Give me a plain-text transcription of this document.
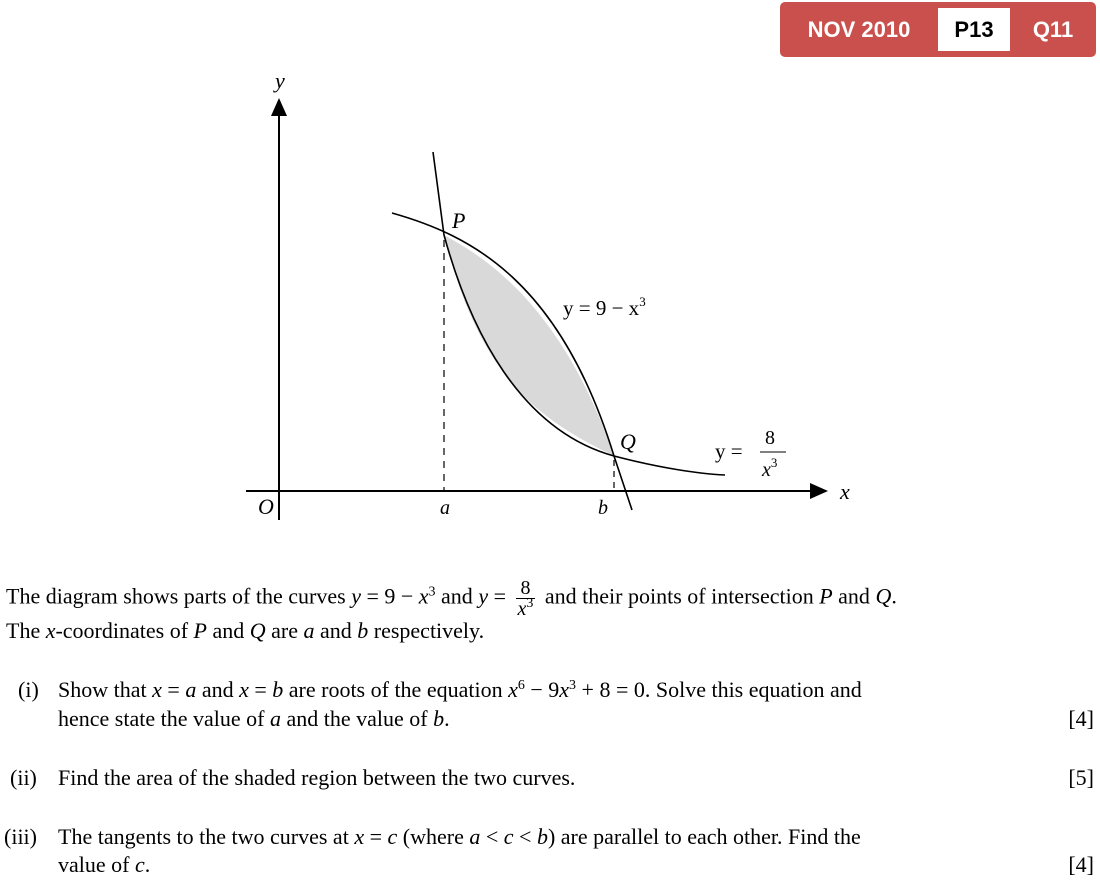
NOV 2010	P13	Q11
y
x
O
P
Q
a	b
$y = 9 - x^3$
y =
8
$x^3$
The diagram shows parts of the curves $y = 9 - x^3$ and $y = \frac{8}{x^3}$ and their points of intersection P and Q.
The x-coordinates of P and Q are a and b respectively.
(i) Show that x = a and x = b are roots of the equation $x^6 - 9x^3 + 8 = 0$. Solve this equation and
hence state the value of a and the value of b.	[4]
(ii) Find the area of the shaded region between the two curves.	[5]
(iii) The tangents to the two curves at x = c (where a < c < b) are parallel to each other. Find the
value of c.	[4]
